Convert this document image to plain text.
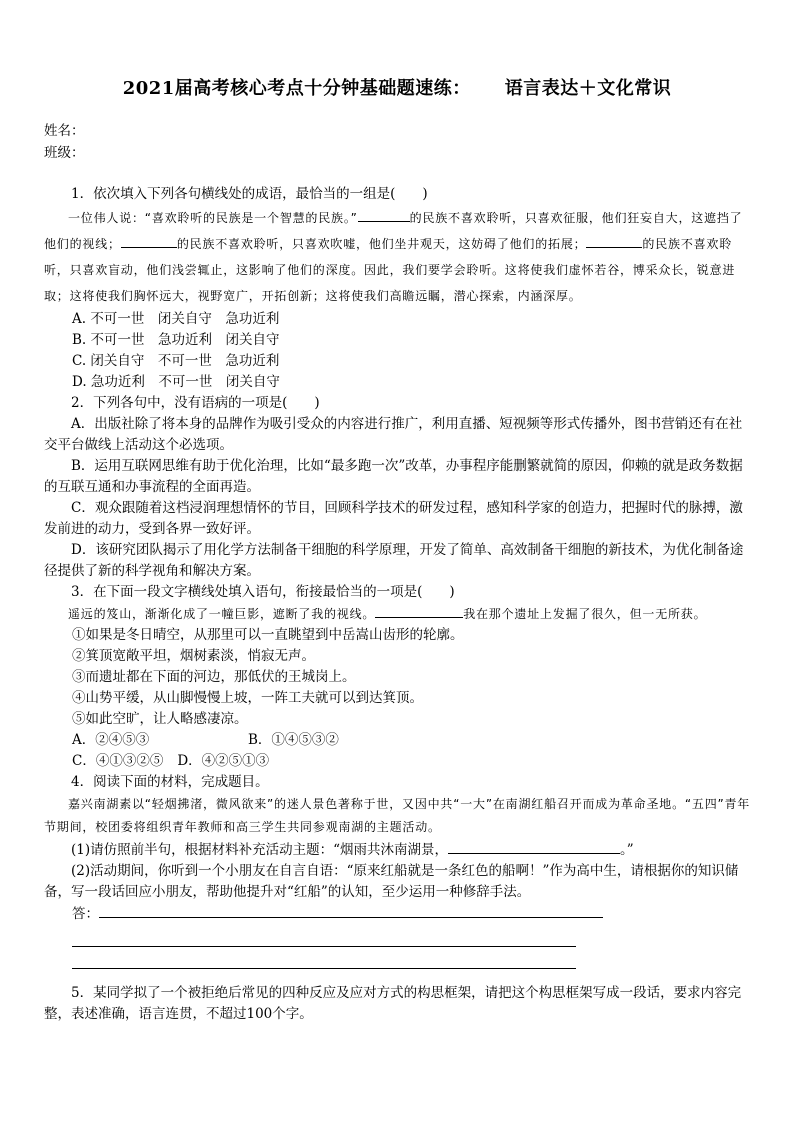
2021届高考核心考点十分钟基础题速练： 语言表达＋文化常识
姓名：
班级：

1．依次填入下列各句横线处的成语，最恰当的一组是(　　)

一位伟人说：“喜欢聆听的民族是一个智慧的民族。”	的民族不喜欢聆听，只喜欢征服，他们狂妄自大，这遮挡了他们的视线；	的民族不喜欢聆听，只喜欢吹嘘，他们坐井观天，这妨碍了他们的拓展；	的民族不喜欢聆听，只喜欢盲动，他们浅尝辄止，这影响了他们的深度。因此，我们要学会聆听。这将使我们虚怀若谷，博采众长，锐意进取；这将使我们胸怀远大，视野宽广，开拓创新；这将使我们高瞻远瞩，潜心探索，内涵深厚。

A. 不可一世　闭关自守　急功近利

B. 不可一世　急功近利　闭关自守

C. 闭关自守　不可一世　急功近利

D. 急功近利　不可一世　闭关自守

2．下列各句中，没有语病的一项是(　　)

A．出版社除了将本身的品牌作为吸引受众的内容进行推广，利用直播、短视频等形式传播外，图书营销还有在社交平台做线上活动这个必选项。

B．运用互联网思维有助于优化治理，比如“最多跑一次”改革，办事程序能删繁就简的原因，仰赖的就是政务数据的互联互通和办事流程的全面再造。

C．观众跟随着这档浸润理想情怀的节目，回顾科学技术的研发过程，感知科学家的创造力，把握时代的脉搏，激发前进的动力，受到各界一致好评。

D．该研究团队揭示了用化学方法制备干细胞的科学原理，开发了简单、高效制备干细胞的新技术，为优化制备途径提供了新的科学视角和解决方案。

3．在下面一段文字横线处填入语句，衔接最恰当的一项是(　　)

遥远的笈山，渐渐化成了一幢巨影，遮断了我的视线。	我在那个遗址上发掘了很久，但一无所获。

①如果是冬日晴空，从那里可以一直眺望到中岳嵩山齿形的轮廓。

②箕顶宽敞平坦，烟树素淡，悄寂无声。

③而遗址都在下面的河边，那低伏的王城岗上。

④山势平缓，从山脚慢慢上坡，一阵工夫就可以到达箕顶。

⑤如此空旷，让人略感凄凉。

A．②④⑤③	B．①④⑤③②

C．④①③②⑤ D．④②⑤①③

4．阅读下面的材料，完成题目。

嘉兴南湖素以“轻烟拂渚，微风欲来”的迷人景色著称于世，又因中共“一大”在南湖红船召开而成为革命圣地。“五四”青年节期间，校团委将组织青年教师和高三学生共同参观南湖的主题活动。

(1)请仿照前半句，根据材料补充活动主题：“烟雨共沐南湖景，	。”

(2)活动期间，你听到一个小朋友在自言自语：“原来红船就是一条红色的船啊！”作为高中生，请根据你的知识储备，写一段话回应小朋友，帮助他提升对“红船”的认知，至少运用一种修辞手法。

答：

5．某同学拟了一个被拒绝后常见的四种反应及应对方式的构思框架，请把这个构思框架写成一段话，要求内容完整，表述准确，语言连贯，不超过100个字。
